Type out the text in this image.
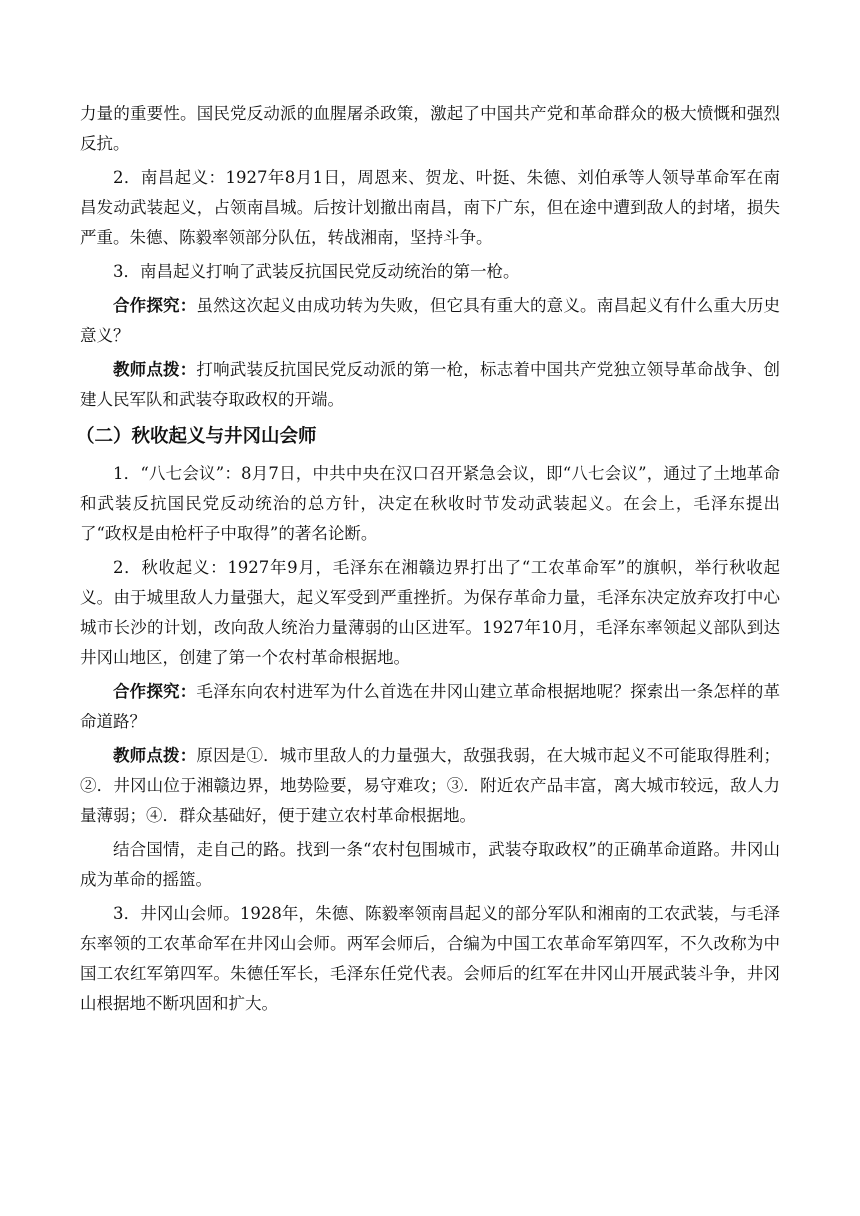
力量的重要性。国民党反动派的血腥屠杀政策，激起了中国共产党和革命群众的极大愤慨和强烈反抗。

2．南昌起义：1927年8月1日，周恩来、贺龙、叶挺、朱德、刘伯承等人领导革命军在南昌发动武装起义，占领南昌城。后按计划撤出南昌，南下广东，但在途中遭到敌人的封堵，损失严重。朱德、陈毅率领部分队伍，转战湘南，坚持斗争。

3．南昌起义打响了武装反抗国民党反动统治的第一枪。

合作探究：虽然这次起义由成功转为失败，但它具有重大的意义。南昌起义有什么重大历史意义？

教师点拨：打响武装反抗国民党反动派的第一枪，标志着中国共产党独立领导革命战争、创建人民军队和武装夺取政权的开端。

（二）秋收起义与井冈山会师

1．“八七会议”：8月7日，中共中央在汉口召开紧急会议，即“八七会议”，通过了土地革命和武装反抗国民党反动统治的总方针，决定在秋收时节发动武装起义。在会上，毛泽东提出了“政权是由枪杆子中取得”的著名论断。

2．秋收起义：1927年9月，毛泽东在湘赣边界打出了“工农革命军”的旗帜，举行秋收起义。由于城里敌人力量强大，起义军受到严重挫折。为保存革命力量，毛泽东决定放弃攻打中心城市长沙的计划，改向敌人统治力量薄弱的山区进军。1927年10月，毛泽东率领起义部队到达井冈山地区，创建了第一个农村革命根据地。

合作探究：毛泽东向农村进军为什么首选在井冈山建立革命根据地呢？探索出一条怎样的革命道路？

教师点拨：原因是①．城市里敌人的力量强大，敌强我弱，在大城市起义不可能取得胜利；②．井冈山位于湘赣边界，地势险要，易守难攻；③．附近农产品丰富，离大城市较远，敌人力量薄弱；④．群众基础好，便于建立农村革命根据地。

结合国情，走自己的路。找到一条“农村包围城市，武装夺取政权”的正确革命道路。井冈山成为革命的摇篮。

3．井冈山会师。1928年，朱德、陈毅率领南昌起义的部分军队和湘南的工农武装，与毛泽东率领的工农革命军在井冈山会师。两军会师后，合编为中国工农革命军第四军，不久改称为中国工农红军第四军。朱德任军长，毛泽东任党代表。会师后的红军在井冈山开展武装斗争，井冈山根据地不断巩固和扩大。
